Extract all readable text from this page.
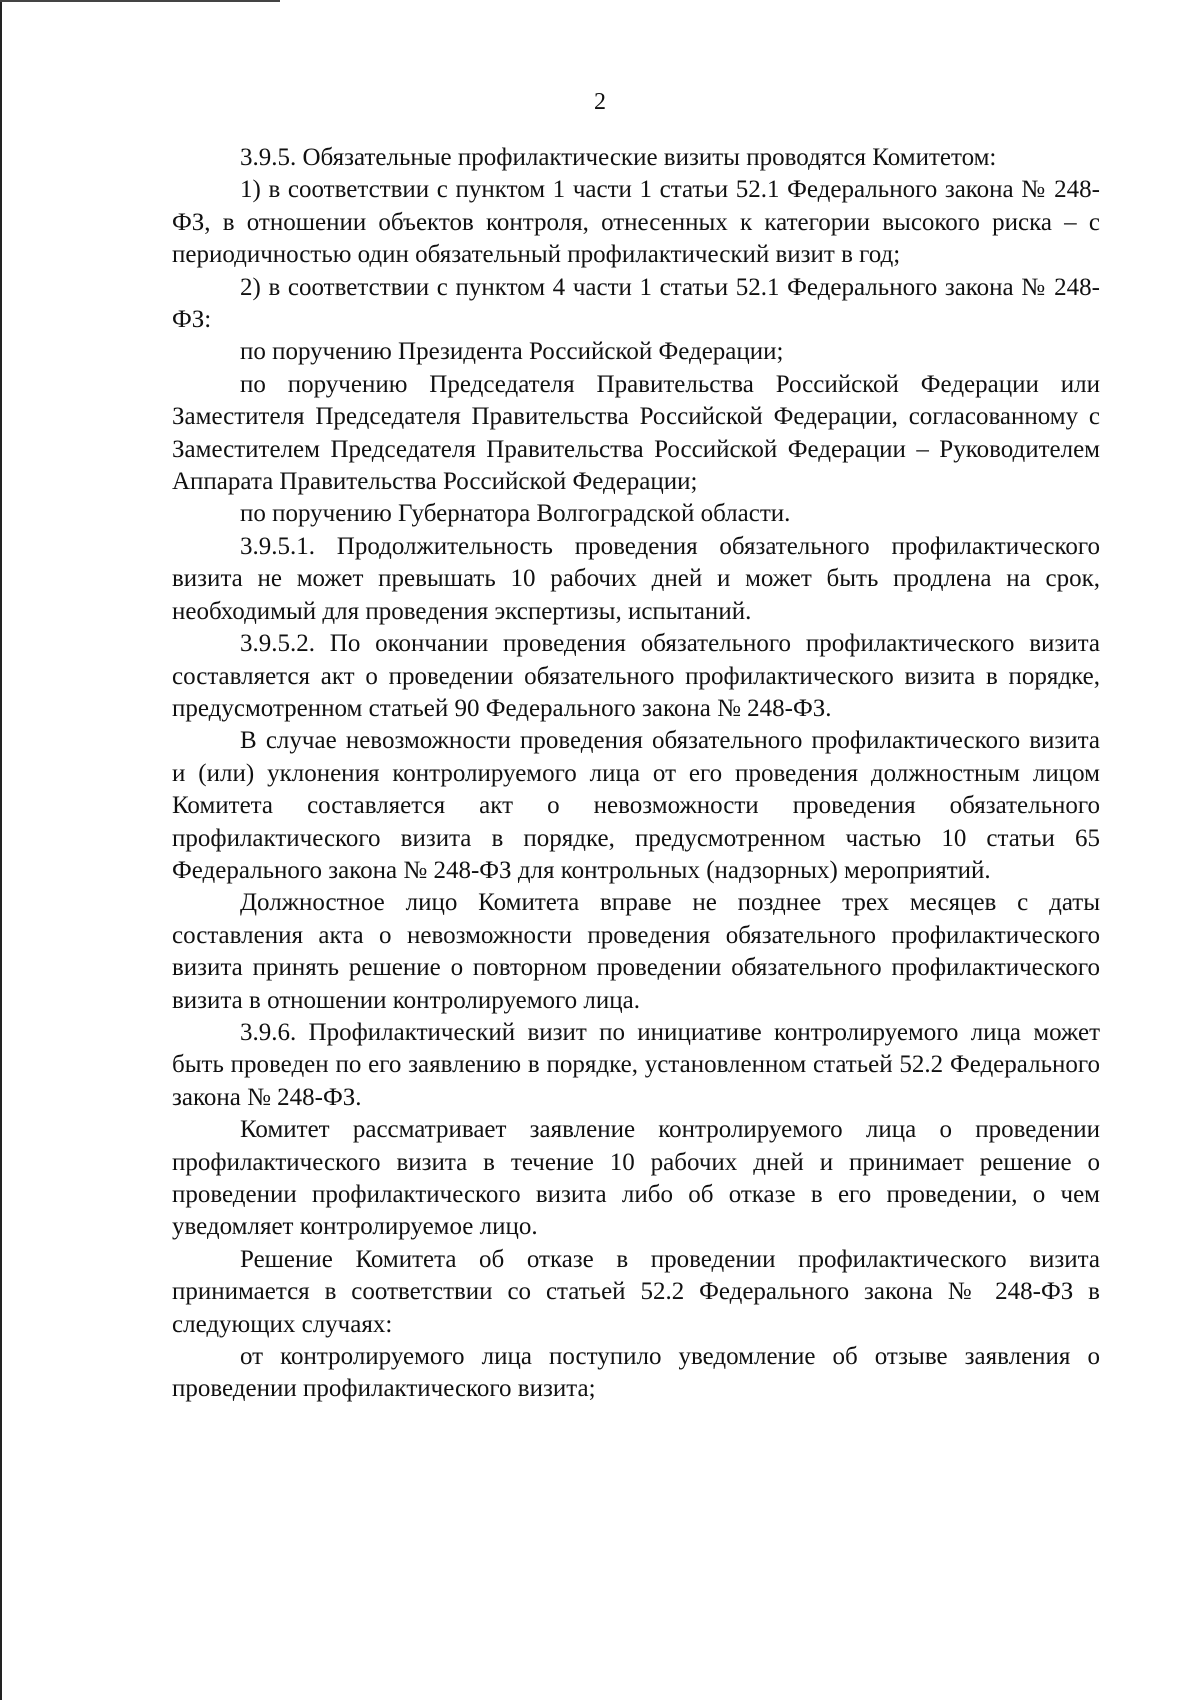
2

3.9.5. Обязательные профилактические визиты проводятся Комитетом:

1) в соответствии с пунктом 1 части 1 статьи 52.1 Федерального закона № 248-ФЗ, в отношении объектов контроля, отнесенных к категории высокого риска – с периодичностью один обязательный профилактический визит в год;

2) в соответствии с пунктом 4 части 1 статьи 52.1 Федерального закона № 248-ФЗ:

по поручению Президента Российской Федерации;

по поручению Председателя Правительства Российской Федерации или Заместителя Председателя Правительства Российской Федерации, согласованному с Заместителем Председателя Правительства Российской Федерации – Руководителем Аппарата Правительства Российской Федерации;

по поручению Губернатора Волгоградской области.

3.9.5.1. Продолжительность проведения обязательного профилактического визита не может превышать 10 рабочих дней и может быть продлена на срок, необходимый для проведения экспертизы, испытаний.

3.9.5.2. По окончании проведения обязательного профилактического визита составляется акт о проведении обязательного профилактического визита в порядке, предусмотренном статьей 90 Федерального закона № 248-ФЗ.

В случае невозможности проведения обязательного профилактического визита и (или) уклонения контролируемого лица от его проведения должностным лицом Комитета составляется акт о невозможности проведения обязательного профилактического визита в порядке, предусмотренном частью 10 статьи 65 Федерального закона № 248-ФЗ для контрольных (надзорных) мероприятий.

Должностное лицо Комитета вправе не позднее трех месяцев с даты составления акта о невозможности проведения обязательного профилактического визита принять решение о повторном проведении обязательного профилактического визита в отношении контролируемого лица.

3.9.6. Профилактический визит по инициативе контролируемого лица может быть проведен по его заявлению в порядке, установленном статьей 52.2 Федерального закона № 248-ФЗ.

Комитет рассматривает заявление контролируемого лица о проведении профилактического визита в течение 10 рабочих дней и принимает решение о проведении профилактического визита либо об отказе в его проведении, о чем уведомляет контролируемое лицо.

Решение Комитета об отказе в проведении профилактического визита принимается в соответствии со статьей 52.2 Федерального закона № 248-ФЗ в следующих случаях:

от контролируемого лица поступило уведомление об отзыве заявления о проведении профилактического визита;
